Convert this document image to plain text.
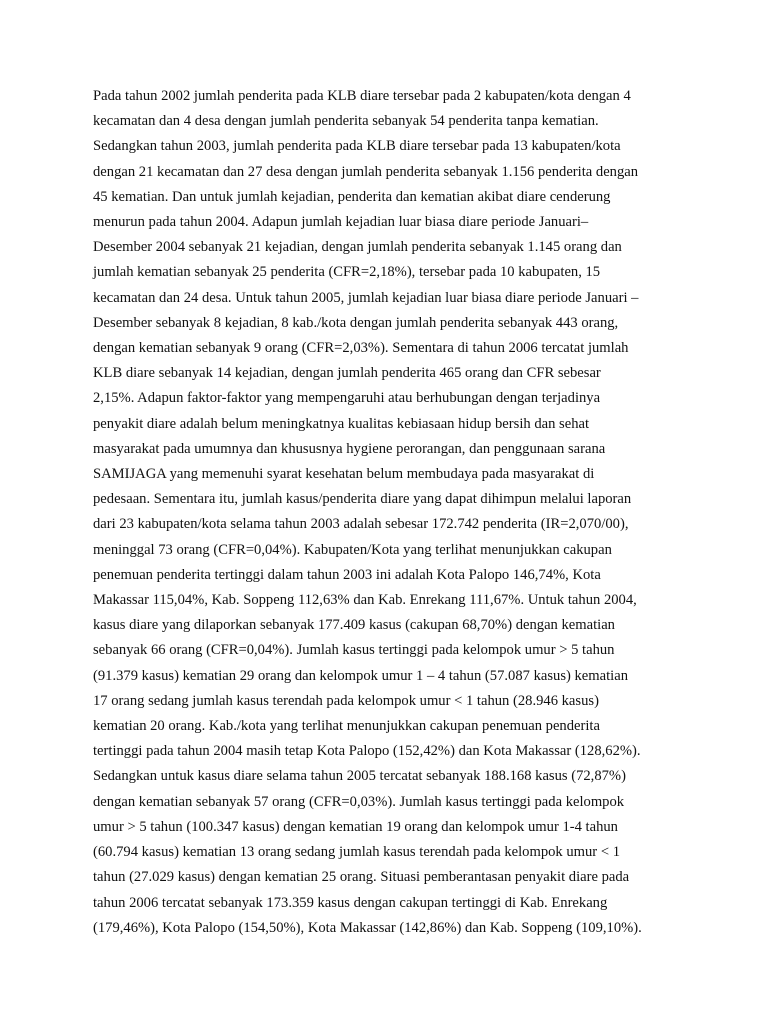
Pada tahun 2002 jumlah penderita pada KLB diare tersebar pada 2 kabupaten/kota dengan 4
kecamatan dan 4 desa dengan jumlah penderita sebanyak 54 penderita tanpa kematian.
Sedangkan tahun 2003, jumlah penderita pada KLB diare tersebar pada 13 kabupaten/kota
dengan 21 kecamatan dan 27 desa dengan jumlah penderita sebanyak 1.156 penderita dengan
45 kematian. Dan untuk jumlah kejadian, penderita dan kematian akibat diare cenderung
menurun pada tahun 2004. Adapun jumlah kejadian luar biasa diare periode Januari–
Desember 2004 sebanyak 21 kejadian, dengan jumlah penderita sebanyak 1.145 orang dan
jumlah kematian sebanyak 25 penderita (CFR=2,18%), tersebar pada 10 kabupaten, 15
kecamatan dan 24 desa. Untuk tahun 2005, jumlah kejadian luar biasa diare periode Januari –
Desember sebanyak 8 kejadian, 8 kab./kota dengan jumlah penderita sebanyak 443 orang,
dengan kematian sebanyak 9 orang (CFR=2,03%). Sementara di tahun 2006 tercatat jumlah
KLB diare sebanyak 14 kejadian, dengan jumlah penderita 465 orang dan CFR sebesar
2,15%. Adapun faktor-faktor yang mempengaruhi atau berhubungan dengan terjadinya
penyakit diare adalah belum meningkatnya kualitas kebiasaan hidup bersih dan sehat
masyarakat pada umumnya dan khususnya hygiene perorangan, dan penggunaan sarana
SAMIJAGA yang memenuhi syarat kesehatan belum membudaya pada masyarakat di
pedesaan. Sementara itu, jumlah kasus/penderita diare yang dapat dihimpun melalui laporan
dari 23 kabupaten/kota selama tahun 2003 adalah sebesar 172.742 penderita (IR=2,070/00),
meninggal 73 orang (CFR=0,04%). Kabupaten/Kota yang terlihat menunjukkan cakupan
penemuan penderita tertinggi dalam tahun 2003 ini adalah Kota Palopo 146,74%, Kota
Makassar 115,04%, Kab. Soppeng 112,63% dan Kab. Enrekang 111,67%. Untuk tahun 2004,
kasus diare yang dilaporkan sebanyak 177.409 kasus (cakupan 68,70%) dengan kematian
sebanyak 66 orang (CFR=0,04%). Jumlah kasus tertinggi pada kelompok umur > 5 tahun
(91.379 kasus) kematian 29 orang dan kelompok umur 1 – 4 tahun (57.087 kasus) kematian
17 orang sedang jumlah kasus terendah pada kelompok umur < 1 tahun (28.946 kasus)
kematian 20 orang. Kab./kota yang terlihat menunjukkan cakupan penemuan penderita
tertinggi pada tahun 2004 masih tetap Kota Palopo (152,42%) dan Kota Makassar (128,62%).
Sedangkan untuk kasus diare selama tahun 2005 tercatat sebanyak 188.168 kasus (72,87%)
dengan kematian sebanyak 57 orang (CFR=0,03%). Jumlah kasus tertinggi pada kelompok
umur > 5 tahun (100.347 kasus) dengan kematian 19 orang dan kelompok umur 1-4 tahun
(60.794 kasus) kematian 13 orang sedang jumlah kasus terendah pada kelompok umur < 1
tahun (27.029 kasus) dengan kematian 25 orang. Situasi pemberantasan penyakit diare pada
tahun 2006 tercatat sebanyak 173.359 kasus dengan cakupan tertinggi di Kab. Enrekang
(179,46%), Kota Palopo (154,50%), Kota Makassar (142,86%) dan Kab. Soppeng (109,10%).
